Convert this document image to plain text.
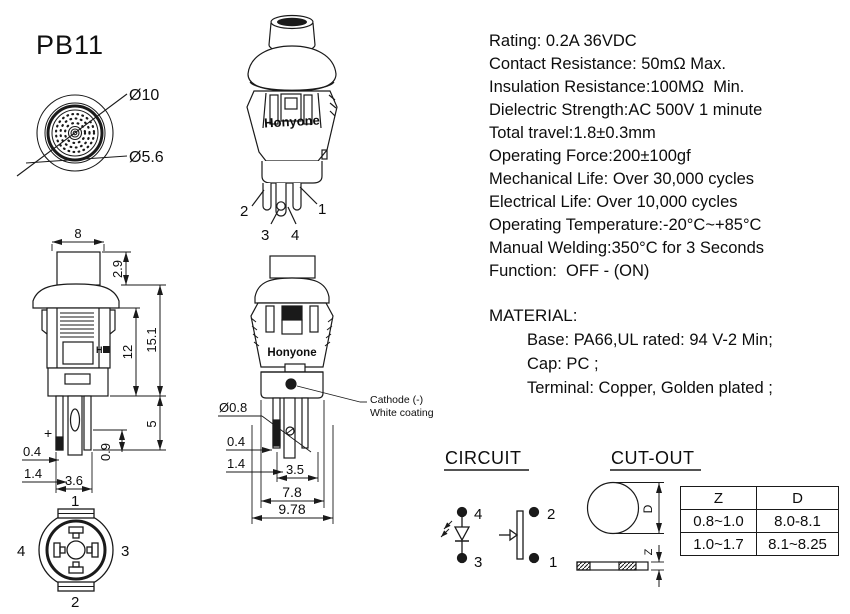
PB11
Ø10
Ø5.6
Honyone
2	1
3 4
H
8
2.9
15.1
12
5
0.9
+
0.4
1.4 3.6
Honyone
Cathode (-)
White coating
Ø0.8
0.4
1.4	3.5
7.8
9.78
1
2
3
4
CIRCUIT
4
3
2
1
CUT-OUT
D
Z
Rating: 0.2A 36VDC
Contact Resistance: 50mΩ Max.
Insulation Resistance:100MΩ  Min.
Dielectric Strength:AC 500V 1 minute
Total travel:1.8±0.3mm
Operating Force:200±100gf
Mechanical Life: Over 30,000 cycles
Electrical Life: Over 10,000 cycles
Operating Temperature:-20°C~+85°C
Manual Welding:350°C for 3 Seconds
Function:  OFF - (ON)
MATERIAL:
Base: PA66,UL rated: 94 V-2 Min;
Cap: PC ;
Terminal: Copper, Golden plated ;
Z	D
0.8~1.0	8.0-8.1
1.0~1.7	8.1~8.25
